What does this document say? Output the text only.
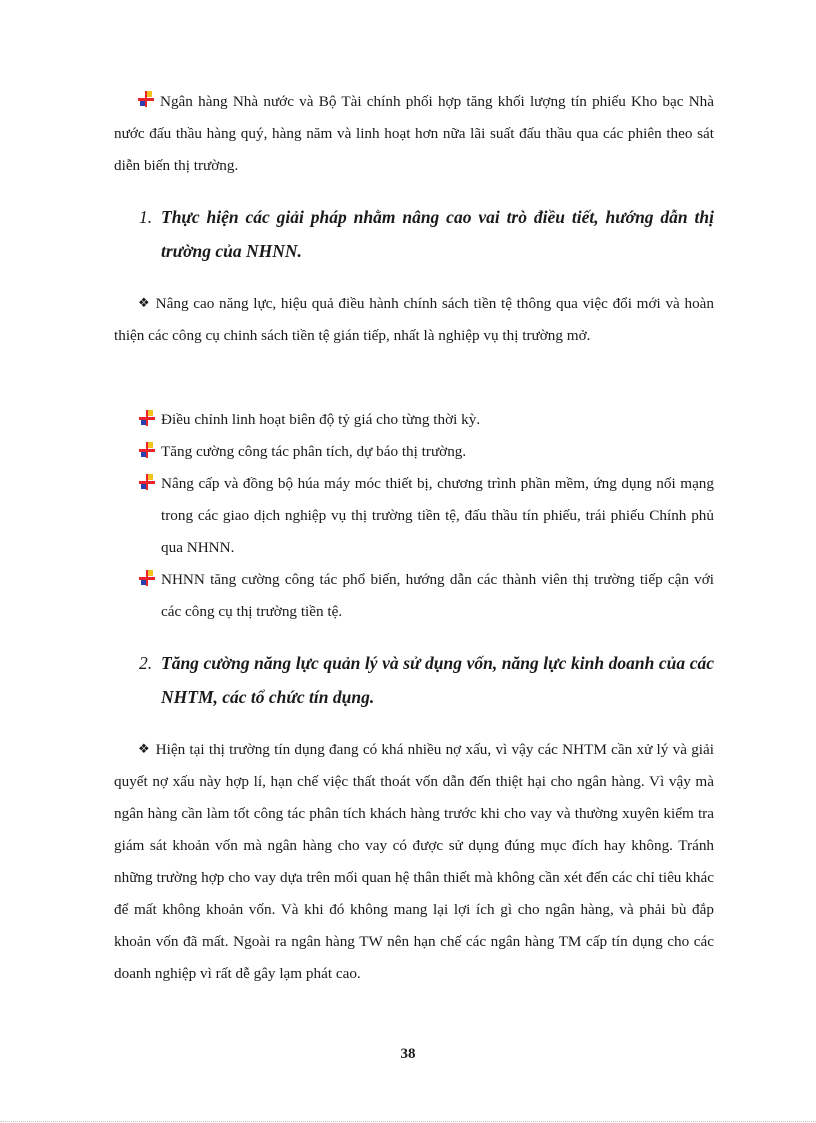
Ngân hàng Nhà nước và Bộ Tài chính phối hợp tăng khối lượng tín phiếu Kho bạc Nhà nước đấu thầu hàng quý, hàng năm và linh hoạt hơn nữa lãi suất đấu thầu qua các phiên theo sát diễn biến thị trường.
1. Thực hiện các giải pháp nhằm nâng cao vai trò điều tiết, hướng dẫn thị trường của NHNN.
❖ Nâng cao năng lực, hiệu quả điều hành chính sách tiền tệ thông qua việc đổi mới và hoàn thiện các công cụ chinh sách tiền tệ gián tiếp, nhất là nghiệp vụ thị trường mở.
Điều chỉnh linh hoạt biên độ tỷ giá cho từng thời kỳ.
Tăng cường công tác phân tích, dự báo thị trường.
Nâng cấp và đồng bộ húa máy móc thiết bị, chương trình phần mềm, ứng dụng nối mạng trong các giao dịch nghiệp vụ thị trường tiền tệ, đấu thầu tín phiếu, trái phiếu Chính phủ qua NHNN.
NHNN tăng cường công tác phổ biến, hướng dẫn các thành viên thị trường tiếp cận với các công cụ thị trường tiền tệ.
2. Tăng cường năng lực quản lý và sử dụng vốn, năng lực kinh doanh của các NHTM, các tổ chức tín dụng.
❖ Hiện tại thị trường tín dụng đang có khá nhiều nợ xấu, vì vậy các NHTM cần xử lý và giải quyết nợ xấu này hợp lí, hạn chế việc thất thoát vốn dẫn đến thiệt hại cho ngân hàng. Vì vậy mà ngân hàng cần làm tốt công tác phân tích khách hàng trước khi cho vay và thường xuyên kiểm tra giám sát khoản vốn mà ngân hàng cho vay có được sử dụng đúng mục đích hay không. Tránh những trường hợp cho vay dựa trên mối quan hệ thân thiết mà không cần xét đến các chỉ tiêu khác để mất không khoản vốn. Và khi đó không mang lại lợi ích gì cho ngân hàng, và phải bù đắp khoản vốn đã mất. Ngoài ra ngân hàng TW nên hạn chế các ngân hàng TM cấp tín dụng cho các doanh nghiệp vì rất dễ gây lạm phát cao.
38
